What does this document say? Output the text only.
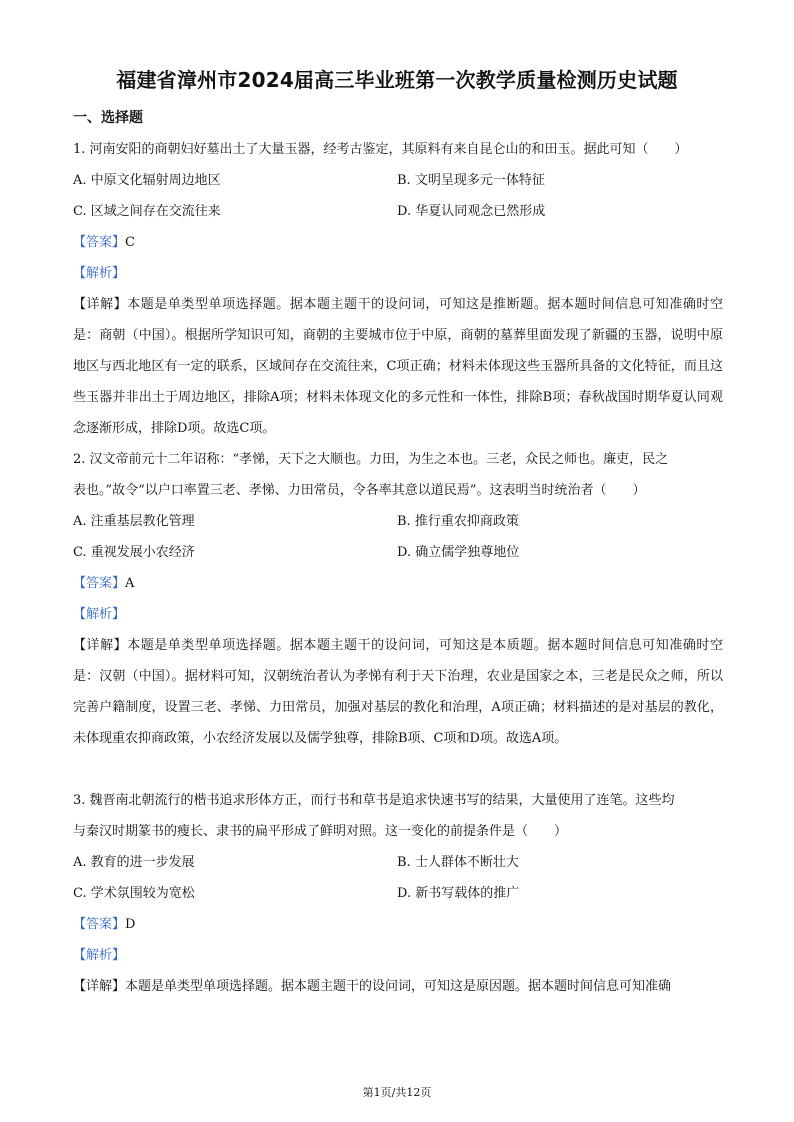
福建省漳州市2024届高三毕业班第一次教学质量检测历史试题
一、选择题
1. 河南安阳的商朝妇好墓出土了大量玉器，经考古鉴定，其原料有来自昆仑山的和田玉。据此可知（　　）
A. 中原文化辐射周边地区	B. 文明呈现多元一体特征
C. 区域之间存在交流往来	D. 华夏认同观念已然形成
【答案】C
【解析】

【详解】本题是单类型单项选择题。据本题主题干的设问词，可知这是推断题。据本题时间信息可知准确时空是：商朝（中国）。根据所学知识可知，商朝的主要城市位于中原，商朝的墓葬里面发现了新疆的玉器，说明中原地区与西北地区有一定的联系，区域间存在交流往来，C项正确；材料未体现这些玉器所具备的文化特征，而且这些玉器并非出土于周边地区，排除A项；材料未体现文化的多元性和一体性，排除B项；春秋战国时期华夏认同观念逐渐形成，排除D项。故选C项。

2. 汉文帝前元十二年诏称：“孝悌，天下之大顺也。力田，为生之本也。三老，众民之师也。廉吏，民之
表也。”故令“以户口率置三老、孝悌、力田常员，令各率其意以道民焉”。这表明当时统治者（　　）
A. 注重基层教化管理	B. 推行重农抑商政策
C. 重视发展小农经济	D. 确立儒学独尊地位
【答案】A
【解析】

【详解】本题是单类型单项选择题。据本题主题干的设问词，可知这是本质题。据本题时间信息可知准确时空是：汉朝（中国）。据材料可知，汉朝统治者认为孝悌有利于天下治理，农业是国家之本，三老是民众之师，所以完善户籍制度，设置三老、孝悌、力田常员，加强对基层的教化和治理，A项正确；材料描述的是对基层的教化，未体现重农抑商政策，小农经济发展以及儒学独尊，排除B项、C项和D项。故选A项。

3. 魏晋南北朝流行的楷书追求形体方正，而行书和草书是追求快速书写的结果，大量使用了连笔。这些均
与秦汉时期篆书的瘦长、隶书的扁平形成了鲜明对照。这一变化的前提条件是（　　）
A. 教育的进一步发展	B. 士人群体不断壮大
C. 学术氛围较为宽松	D. 新书写载体的推广
【答案】D
【解析】
【详解】本题是单类型单项选择题。据本题主题干的设问词，可知这是原因题。据本题时间信息可知准确
第1页/共12页
